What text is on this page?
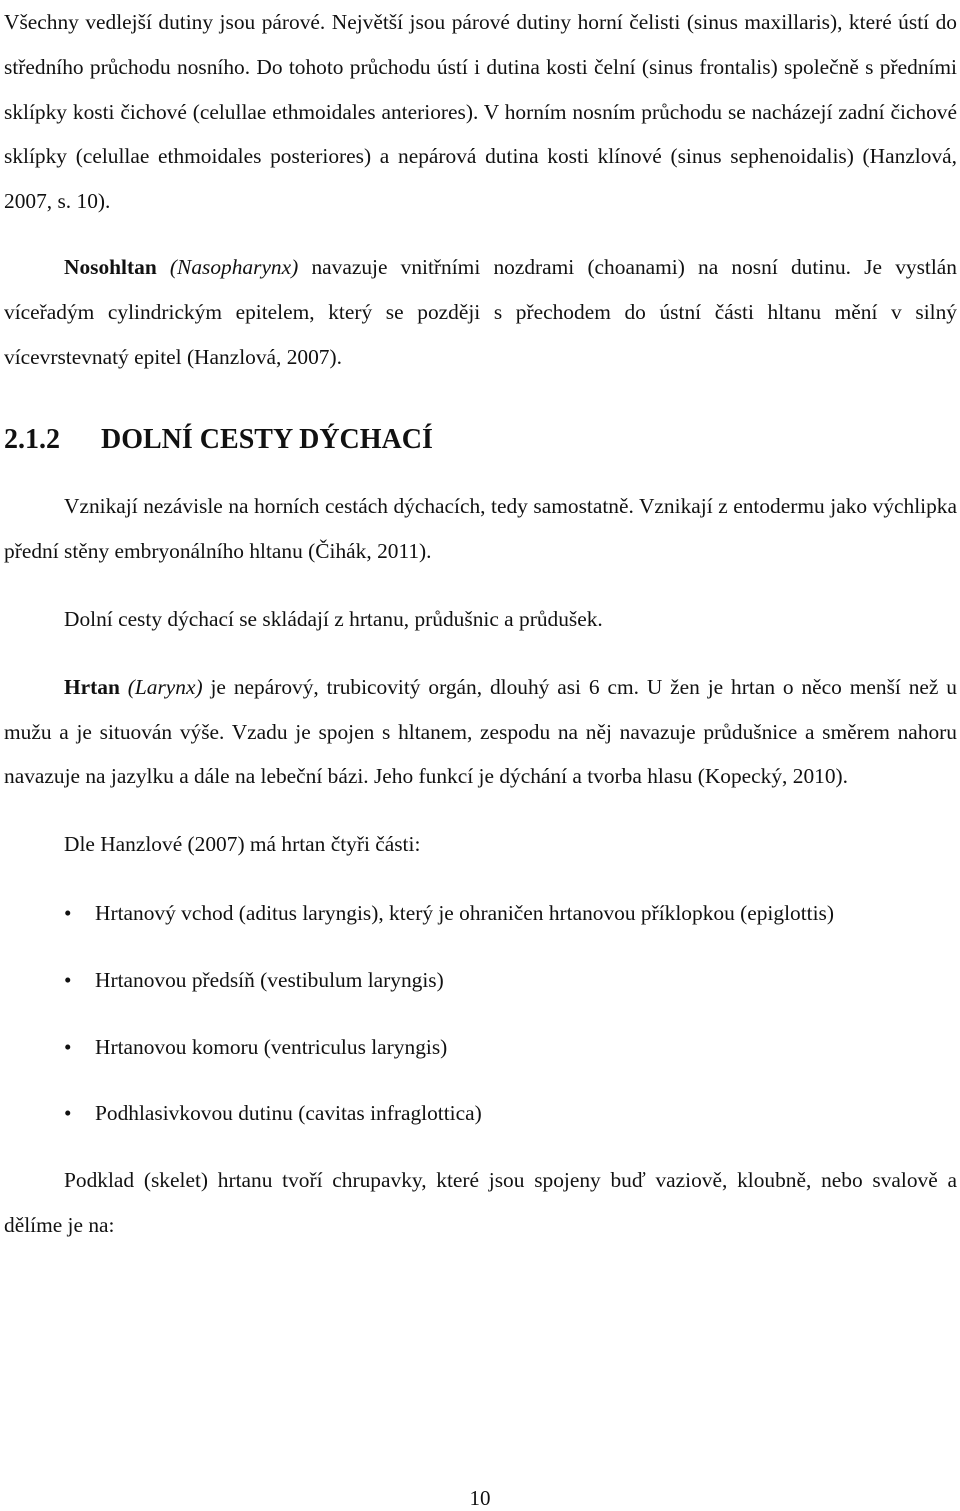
Všechny vedlejší dutiny jsou párové. Největší jsou párové dutiny horní čelisti (sinus maxillaris), které ústí do středního průchodu nosního. Do tohoto průchodu ústí i dutina kosti čelní (sinus frontalis) společně s předními sklípky kosti čichové (celullae ethmoidales anteriores). V horním nosním průchodu se nacházejí zadní čichové sklípky (celullae ethmoidales posteriores) a nepárová dutina kosti klínové (sinus sephenoidalis) (Hanzlová, 2007, s. 10).

Nosohltan (Nasopharynx) navazuje vnitřními nozdrami (choanami) na nosní dutinu. Je vystlán víceřadým cylindrickým epitelem, který se později s přechodem do ústní části hltanu mění v silný vícevrstevnatý epitel (Hanzlová, 2007).

2.1.2	DOLNÍ CESTY DÝCHACÍ

Vznikají nezávisle na horních cestách dýchacích, tedy samostatně. Vznikají z entodermu jako výchlipka přední stěny embryonálního hltanu (Čihák, 2011).

Dolní cesty dýchací se skládají z hrtanu, průdušnic a průdušek.

Hrtan (Larynx) je nepárový, trubicovitý orgán, dlouhý asi 6 cm. U žen je hrtan o něco menší než u mužu a je situován výše. Vzadu je spojen s hltanem, zespodu na něj navazuje průdušnice a směrem nahoru navazuje na jazylku a dále na lebeční bázi. Jeho funkcí je dýchání a tvorba hlasu (Kopecký, 2010).

Dle Hanzlové (2007) má hrtan čtyři části:

• Hrtanový vchod (aditus laryngis), který je ohraničen hrtanovou příklopkou (epiglottis)
• Hrtanovou předsíň (vestibulum laryngis)
• Hrtanovou komoru (ventriculus laryngis)
• Podhlasivkovou dutinu (cavitas infraglottica)

Podklad (skelet) hrtanu tvoří chrupavky, které jsou spojeny buď vaziově, kloubně, nebo svalově a dělíme je na:

10
